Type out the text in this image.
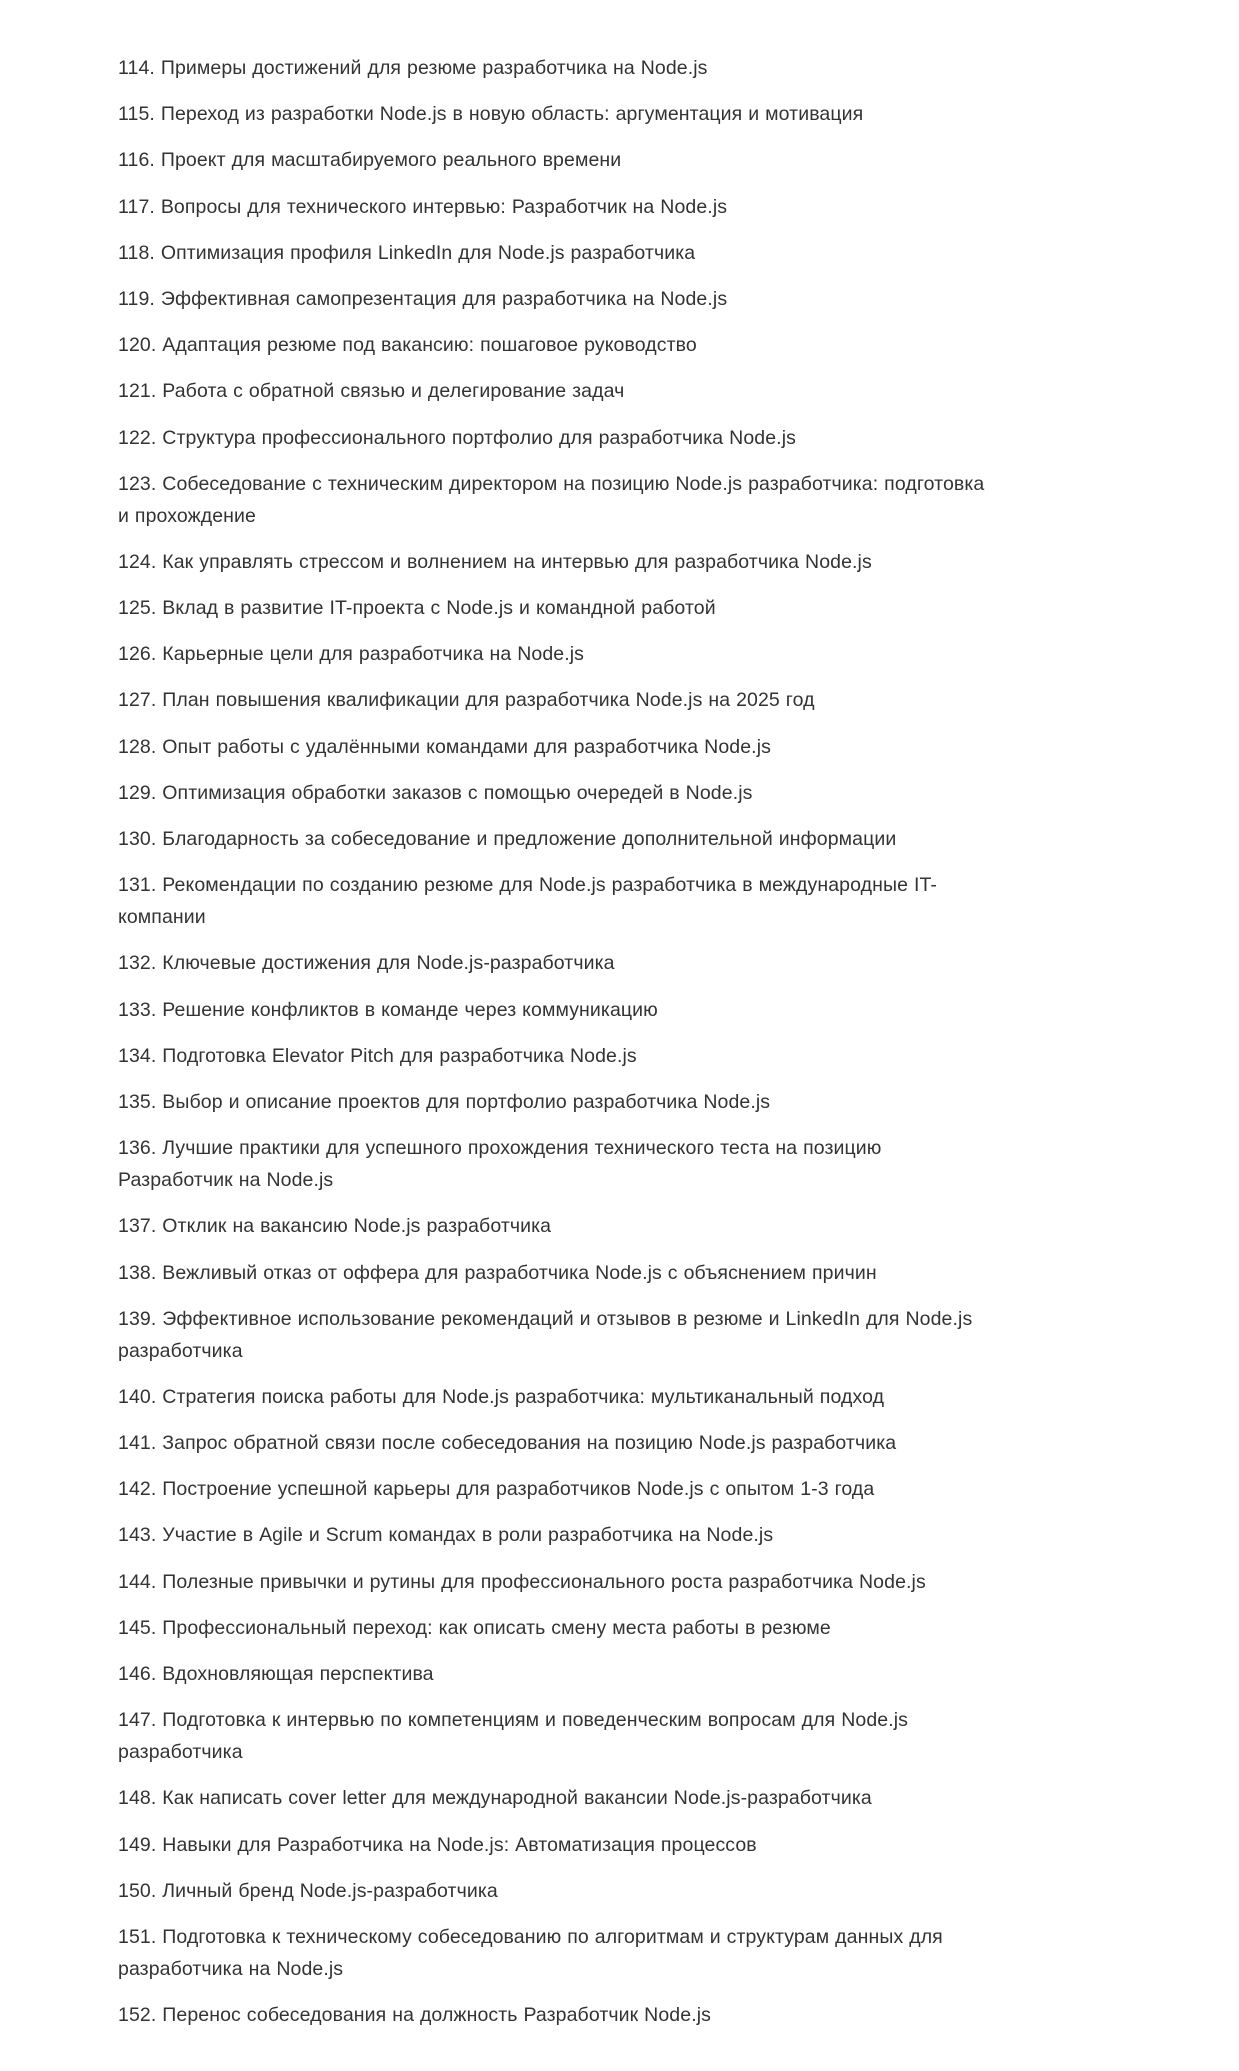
114. Примеры достижений для резюме разработчика на Node.js
115. Переход из разработки Node.js в новую область: аргументация и мотивация
116. Проект для масштабируемого реального времени
117. Вопросы для технического интервью: Разработчик на Node.js
118. Оптимизация профиля LinkedIn для Node.js разработчика
119. Эффективная самопрезентация для разработчика на Node.js
120. Адаптация резюме под вакансию: пошаговое руководство
121. Работа с обратной связью и делегирование задач
122. Структура профессионального портфолио для разработчика Node.js
123. Собеседование с техническим директором на позицию Node.js разработчика: подготовка и прохождение
124. Как управлять стрессом и волнением на интервью для разработчика Node.js
125. Вклад в развитие IT-проекта с Node.js и командной работой
126. Карьерные цели для разработчика на Node.js
127. План повышения квалификации для разработчика Node.js на 2025 год
128. Опыт работы с удалёнными командами для разработчика Node.js
129. Оптимизация обработки заказов с помощью очередей в Node.js
130. Благодарность за собеседование и предложение дополнительной информации
131. Рекомендации по созданию резюме для Node.js разработчика в международные IT-компании
132. Ключевые достижения для Node.js-разработчика
133. Решение конфликтов в команде через коммуникацию
134. Подготовка Elevator Pitch для разработчика Node.js
135. Выбор и описание проектов для портфолио разработчика Node.js
136. Лучшие практики для успешного прохождения технического теста на позицию Разработчик на Node.js
137. Отклик на вакансию Node.js разработчика
138. Вежливый отказ от оффера для разработчика Node.js с объяснением причин
139. Эффективное использование рекомендаций и отзывов в резюме и LinkedIn для Node.js разработчика
140. Стратегия поиска работы для Node.js разработчика: мультиканальный подход
141. Запрос обратной связи после собеседования на позицию Node.js разработчика
142. Построение успешной карьеры для разработчиков Node.js с опытом 1-3 года
143. Участие в Agile и Scrum командах в роли разработчика на Node.js
144. Полезные привычки и рутины для профессионального роста разработчика Node.js
145. Профессиональный переход: как описать смену места работы в резюме
146. Вдохновляющая перспектива
147. Подготовка к интервью по компетенциям и поведенческим вопросам для Node.js разработчика
148. Как написать cover letter для международной вакансии Node.js-разработчика
149. Навыки для Разработчика на Node.js: Автоматизация процессов
150. Личный бренд Node.js-разработчика
151. Подготовка к техническому собеседованию по алгоритмам и структурам данных для разработчика на Node.js
152. Перенос собеседования на должность Разработчик Node.js
